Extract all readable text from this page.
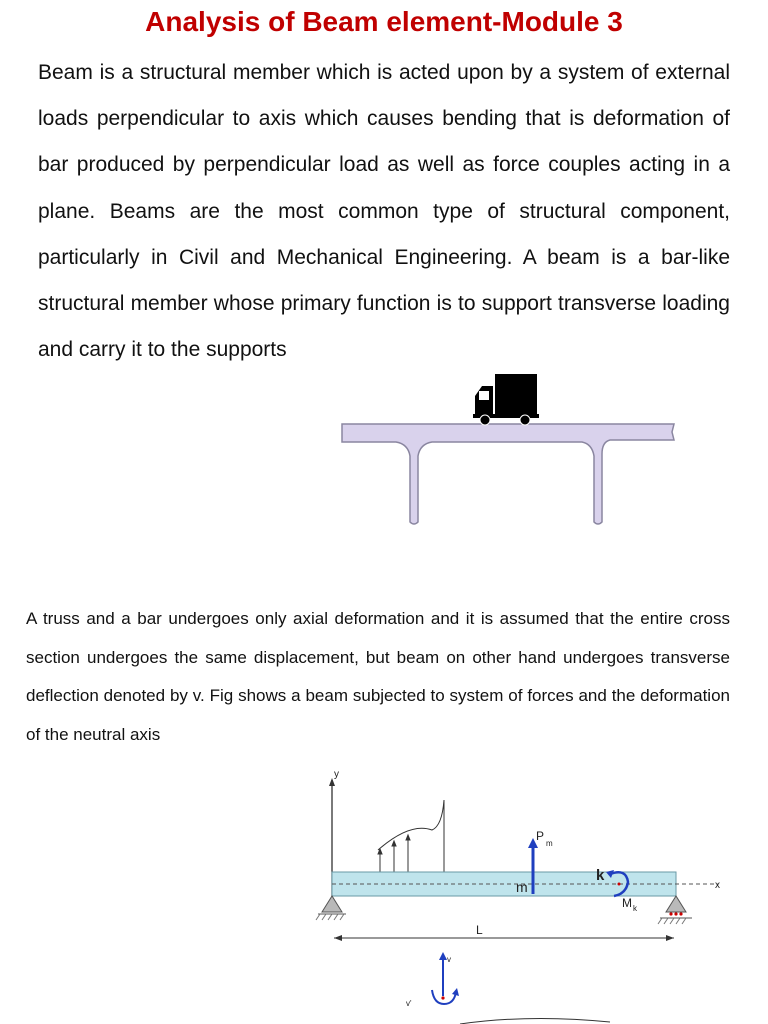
Analysis of Beam element-Module 3

Beam is a structural member which is acted upon by a system of external loads perpendicular to axis which causes bending that is deformation of bar produced by perpendicular load as well as force couples acting in a plane. Beams are the most common type of structural component, particularly in Civil and Mechanical Engineering. A beam is a bar-like structural member whose primary function is to support transverse loading and carry it to the supports

A truss and a bar undergoes only axial deformation and it is assumed that the entire cross section undergoes the same displacement, but beam on other hand undergoes transverse deflection denoted by v. Fig shows a beam subjected to system of forces and the deformation of the neutral axis

y
x
P
m
m
k
M k
L
v
v'
